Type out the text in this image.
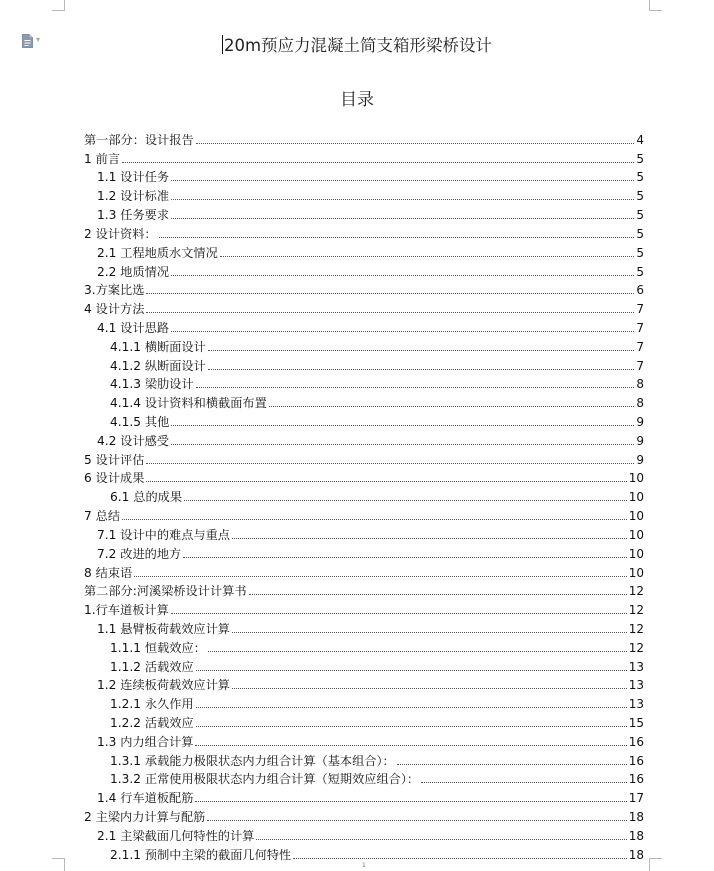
▾	20m预应力混凝土简支箱形梁桥设计
目录
第一部分：设计报告	4
1 前言	5
1.1 设计任务	5
1.2 设计标准	5
1.3 任务要求	5
2 设计资料：	5
2.1 工程地质水文情况	5
2.2 地质情况	5
3.方案比选	6
4 设计方法	7
4.1 设计思路	7
4.1.1 横断面设计	7
4.1.2 纵断面设计	7
4.1.3 梁肋设计	8
4.1.4 设计资料和横截面布置	8
4.1.5 其他	9
4.2 设计感受	9
5 设计评估	9
6 设计成果	10
6.1 总的成果	10
7 总结	10
7.1 设计中的难点与重点	10
7.2 改进的地方	10
8 结束语	10
第二部分:河溪梁桥设计计算书	12
1.行车道板计算	12
1.1 悬臂板荷载效应计算	12
1.1.1 恒载效应：	12
1.1.2 活载效应	13
1.2 连续板荷载效应计算	13
1.2.1 永久作用	13
1.2.2 活载效应	15
1.3 内力组合计算	16
1.3.1 承载能力极限状态内力组合计算（基本组合）：	16
1.3.2 正常使用极限状态内力组合计算（短期效应组合）：	16
1.4 行车道板配筋	17
2 主梁内力计算与配筋	18
2.1 主梁截面几何特性的计算	18
2.1.1 预制中主梁的截面几何特性	18
1
